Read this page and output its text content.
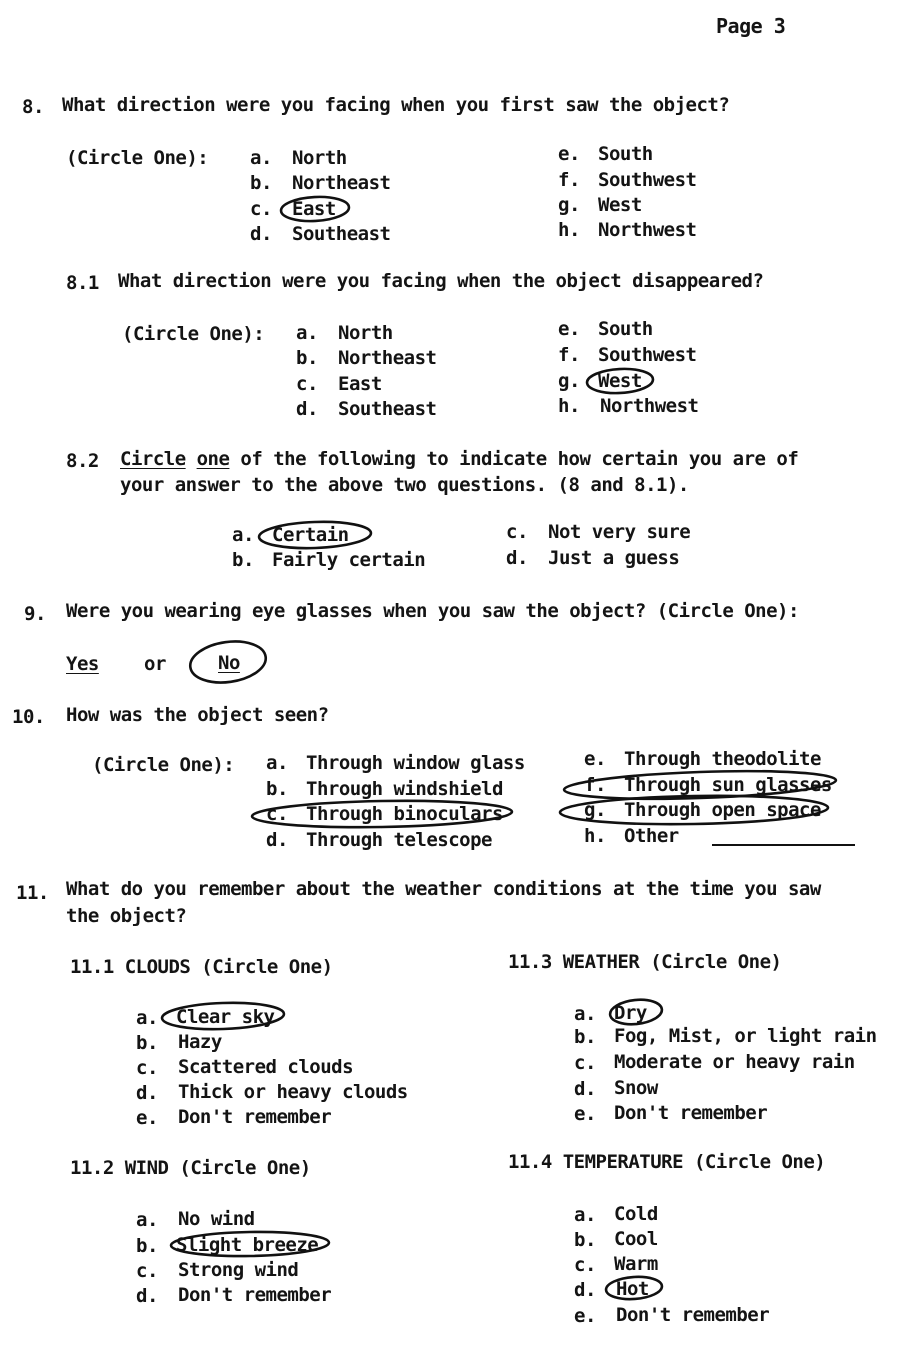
Page 3
8. What direction were you facing when you first saw the object?
(Circle One): a. North
b. Northeast
c. East
d. Southeast
e. South
f. Southwest
g. West
h. Northwest
8.1 What direction were you facing when the object disappeared?
(Circle One): a. North
b. Northeast
c. East
d. Southeast
e. South
f. Southwest
g. West
h. Northwest
8.2 Circle one of the following to indicate how certain you are of
your answer to the above two questions. (8 and 8.1).
a. Certain
b. Fairly certain
c. Not very sure
d. Just a guess
9. Were you wearing eye glasses when you saw the object? (Circle One):
Yes or	No
10. How was the object seen?
(Circle One): a. Through window glass
b. Through windshield
c. Through binoculars
d. Through telescope
e. Through theodolite
f. Through sun glasses
g. Through open space
h. Other
11. What do you remember about the weather conditions at the time you saw
the object?
11.1 CLOUDS (Circle One)
a. Clear sky
b. Hazy
c. Scattered clouds
d. Thick or heavy clouds
e. Don't remember
11.2 WIND (Circle One)
a. No wind
b. Slight breeze
c. Strong wind
d. Don't remember
11.3 WEATHER (Circle One)
a. Dry
b. Fog, Mist, or light rain
c. Moderate or heavy rain
d. Snow
e. Don't remember
11.4 TEMPERATURE (Circle One)
a. Cold
b. Cool
c. Warm
d. Hot
e. Don't remember
